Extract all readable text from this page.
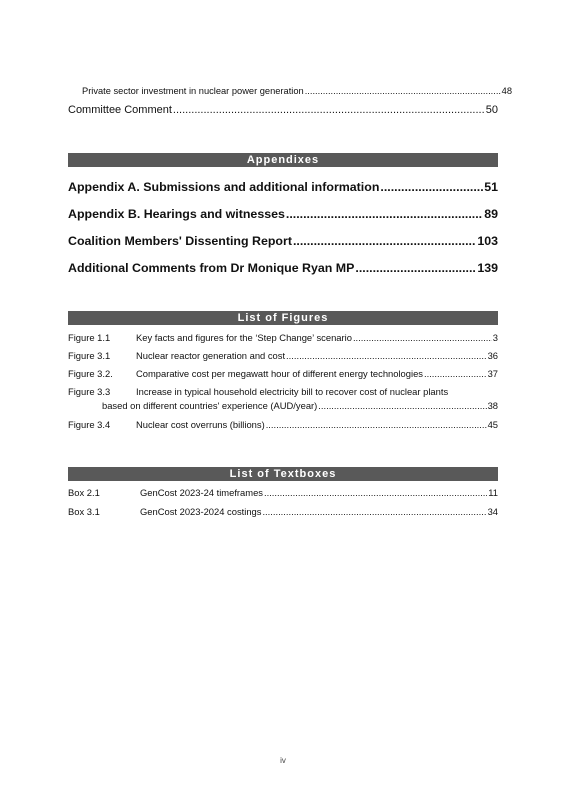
Private sector investment in nuclear power generation .....	48
Committee Comment .....	50
Appendixes
Appendix A. Submissions and additional information .....	51
Appendix B. Hearings and witnesses .....	89
Coalition Members' Dissenting Report .....	103
Additional Comments from Dr Monique Ryan MP .....	139
List of Figures
Figure 1.1	Key facts and figures for the ‘Step Change’ scenario .....	3
Figure 3.1	Nuclear reactor generation and cost .....	36
Figure 3.2.	Comparative cost per megawatt hour of different energy technologies .....	37
Figure 3.3	Increase in typical household electricity bill to recover cost of nuclear plants
based on different countries' experience (AUD/year) .....	38
Figure 3.4	Nuclear cost overruns (billions) .....	45
List of Textboxes
Box 2.1	GenCost 2023-24 timeframes .....	11
Box 3.1	GenCost 2023-2024 costings .....	34
iv
